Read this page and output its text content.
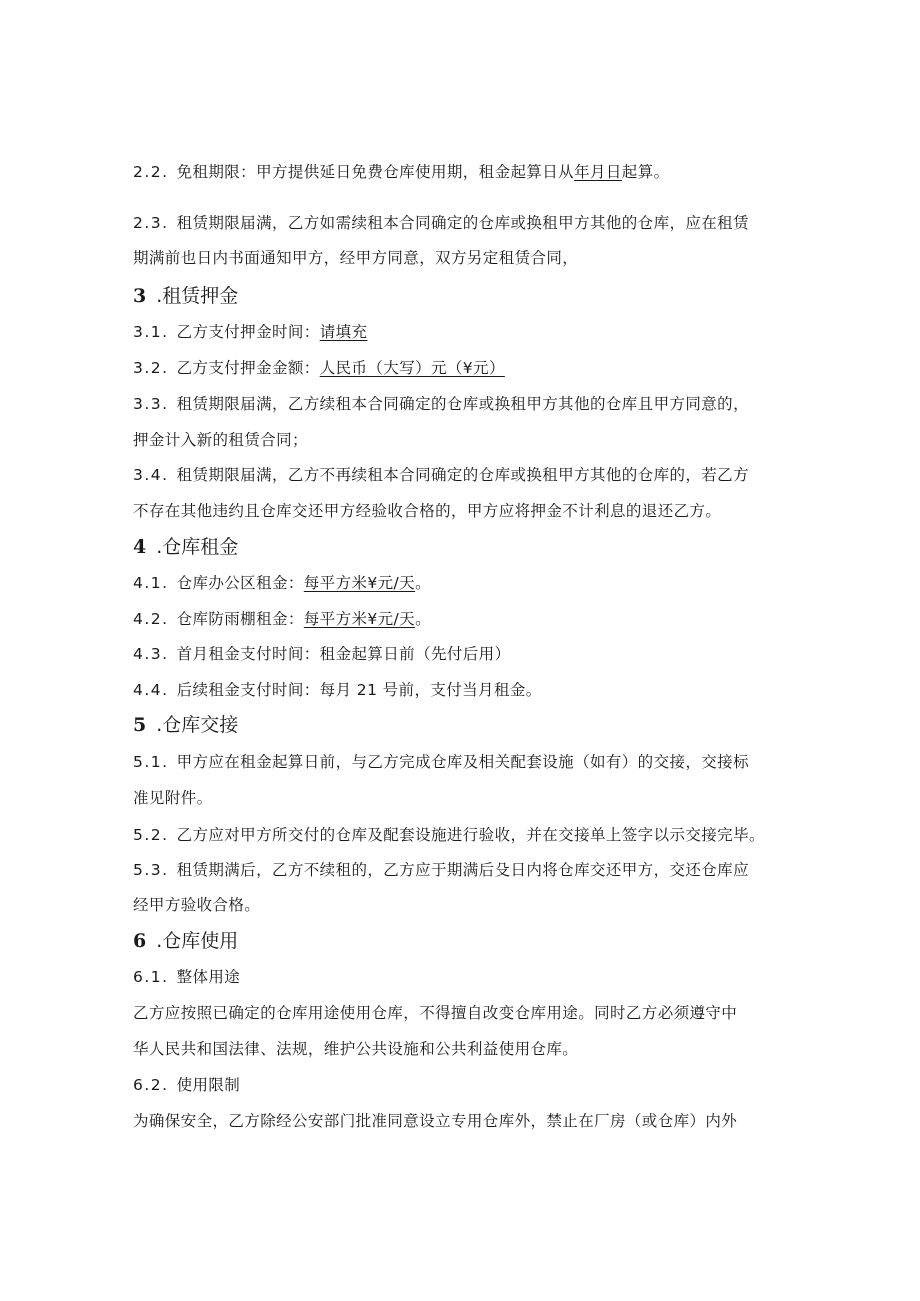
2.2. 免租期限：甲方提供延日免费仓库使用期，租金起算日从年月日起算。
2.3. 租赁期限届满，乙方如需续租本合同确定的仓库或换租甲方其他的仓库，应在租赁
期满前也日内书面通知甲方，经甲方同意，双方另定租赁合同，
3 .租赁押金
3.1. 乙方支付押金时间：请填充
3.2. 乙方支付押金金额：人民币（大写）元（¥元）
3.3. 租赁期限届满，乙方续租本合同确定的仓库或换租甲方其他的仓库且甲方同意的，
押金计入新的租赁合同；
3.4. 租赁期限届满，乙方不再续租本合同确定的仓库或换租甲方其他的仓库的，若乙方
不存在其他违约且仓库交还甲方经验收合格的，甲方应将押金不计利息的退还乙方。
4 .仓库租金
4.1. 仓库办公区租金：每平方米¥元/天。
4.2. 仓库防雨棚租金：每平方米¥元/天。
4.3. 首月租金支付时间：租金起算日前（先付后用）
4.4. 后续租金支付时间：每月 21 号前，支付当月租金。
5 .仓库交接
5.1. 甲方应在租金起算日前，与乙方完成仓库及相关配套设施（如有）的交接，交接标
准见附件。
5.2. 乙方应对甲方所交付的仓库及配套设施进行验收，并在交接单上签字以示交接完毕。
5.3. 租赁期满后，乙方不续租的，乙方应于期满后殳日内将仓库交还甲方，交还仓库应
经甲方验收合格。
6 .仓库使用
6.1. 整体用途
乙方应按照已确定的仓库用途使用仓库，不得擅自改变仓库用途。同时乙方必须遵守中
华人民共和国法律、法规，维护公共设施和公共利益使用仓库。
6.2. 使用限制
为确保安全，乙方除经公安部门批准同意设立专用仓库外，禁止在厂房（或仓库）内外
